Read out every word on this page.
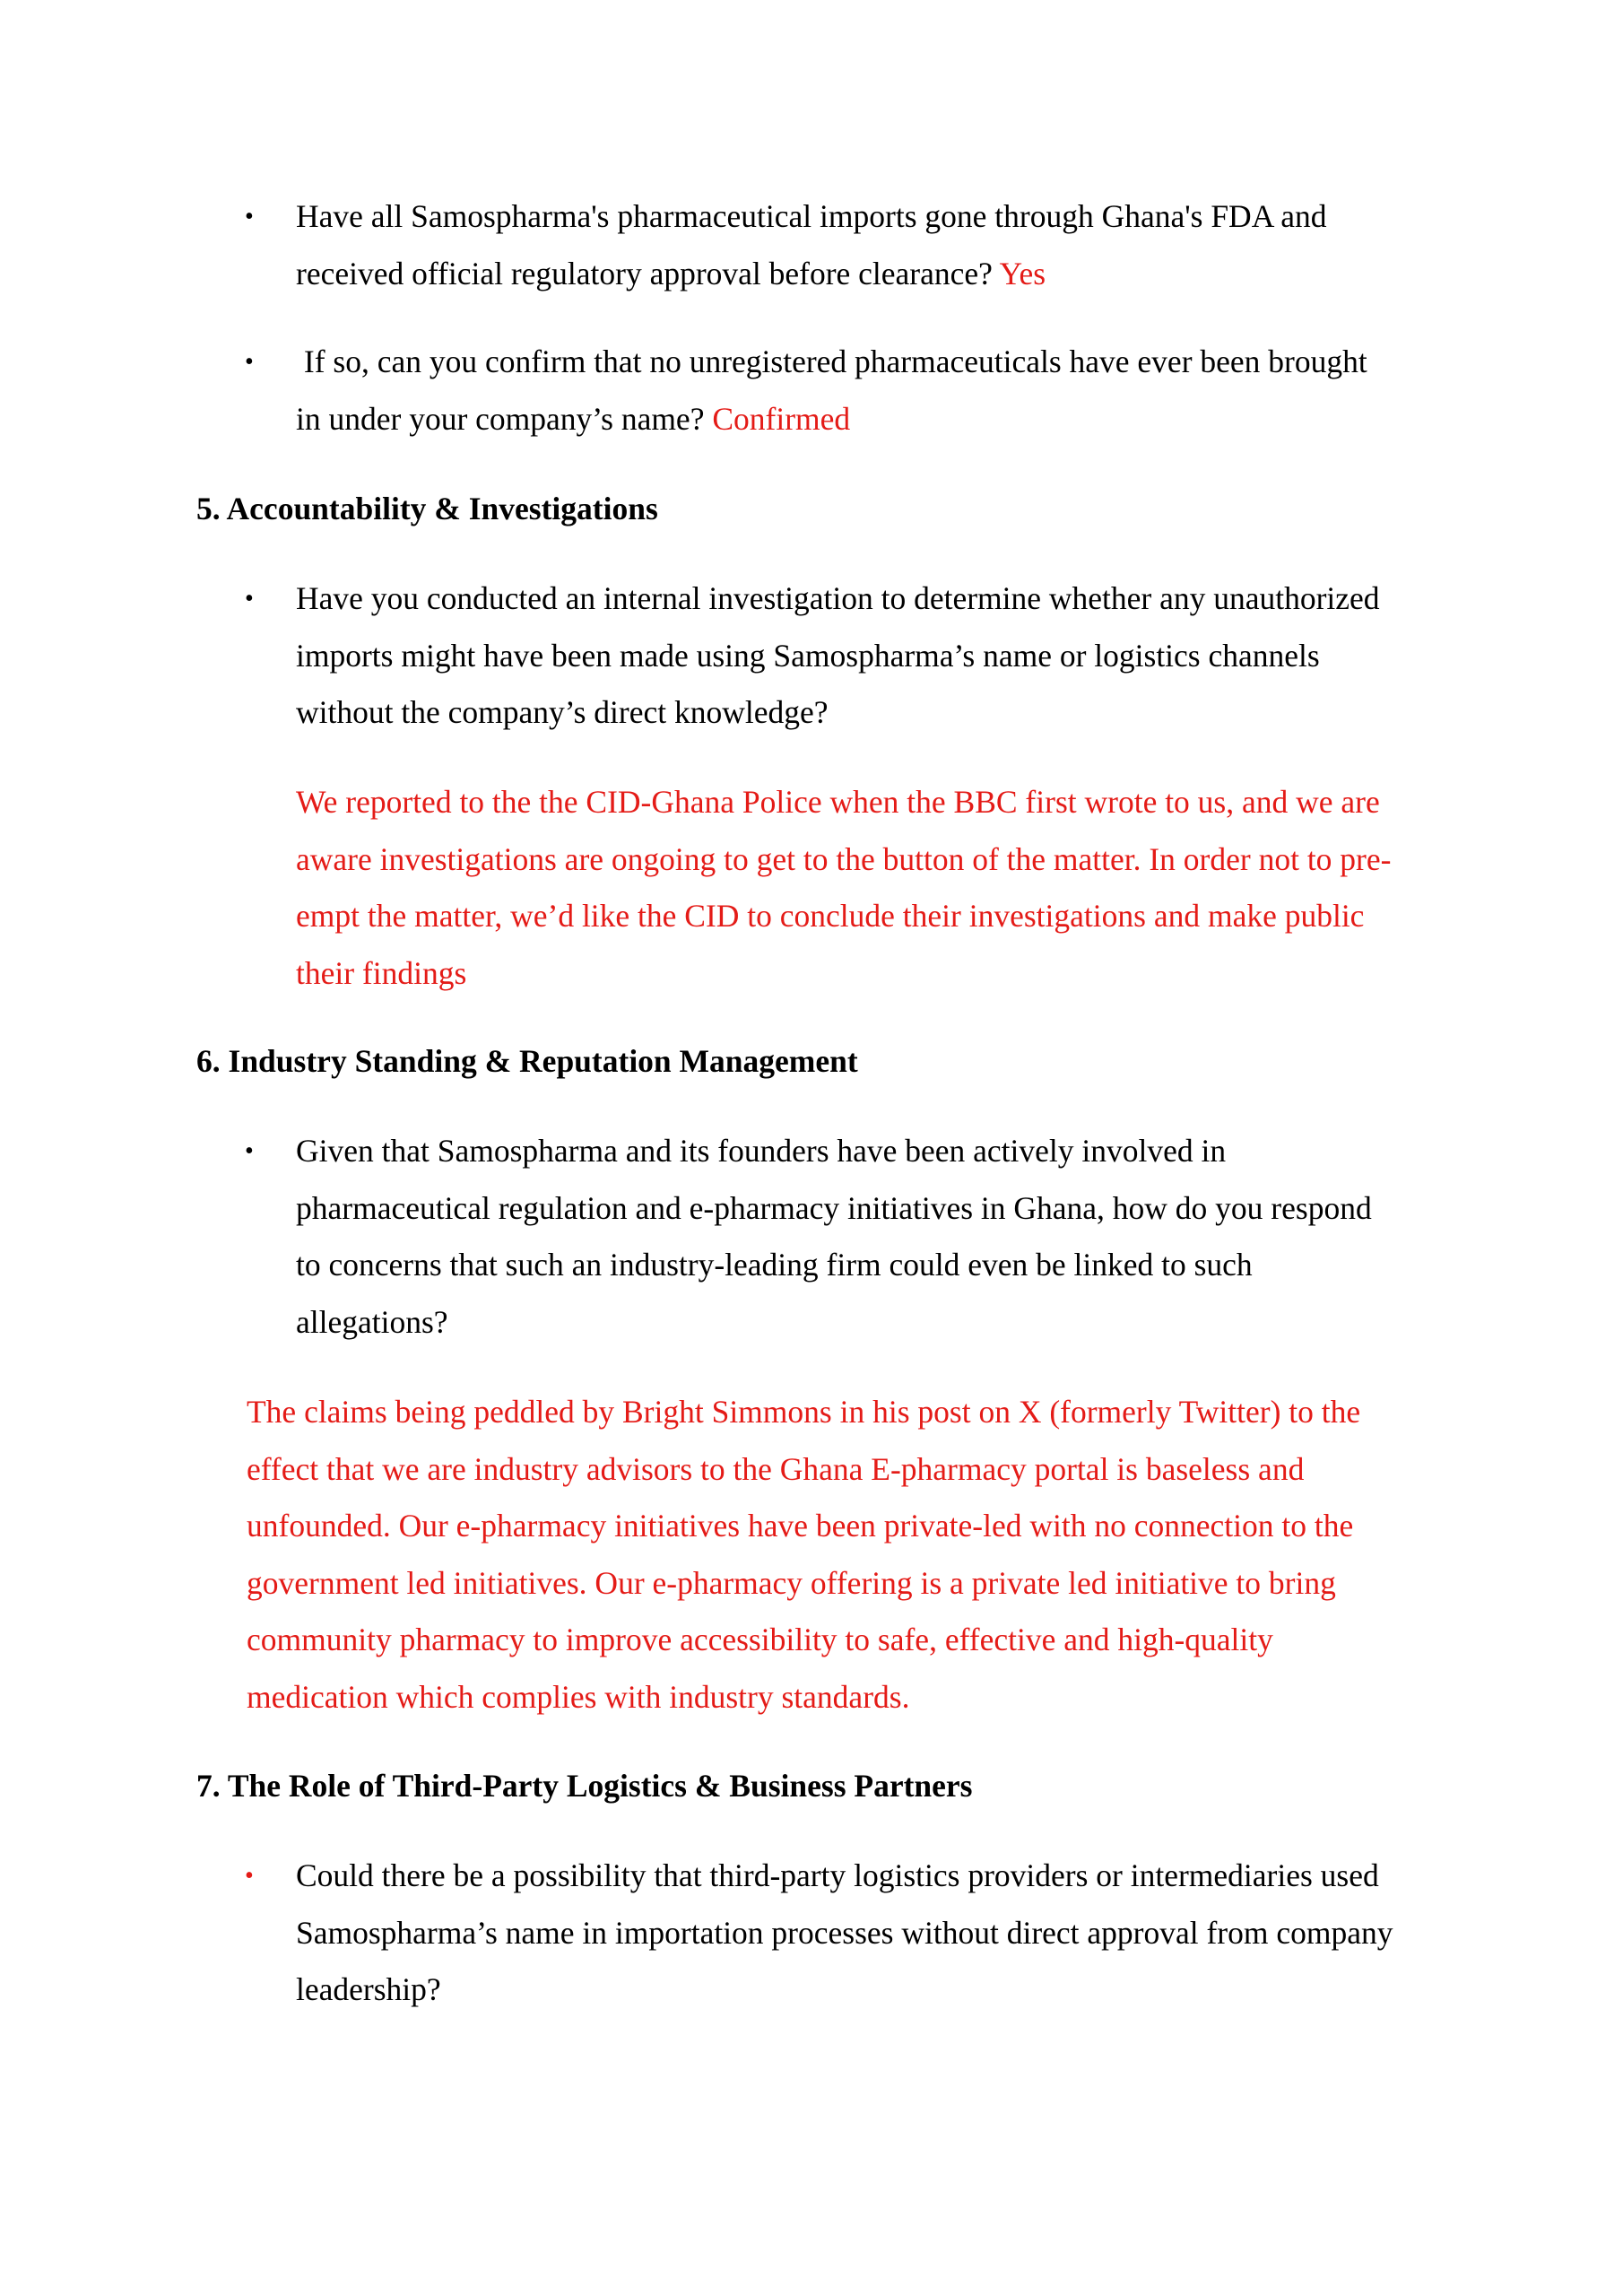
• Have all Samospharma's pharmaceutical imports gone through Ghana's FDA and
received official regulatory approval before clearance? Yes
• If so, can you confirm that no unregistered pharmaceuticals have ever been brought
in under your company’s name? Confirmed
5. Accountability & Investigations
• Have you conducted an internal investigation to determine whether any unauthorized
imports might have been made using Samospharma’s name or logistics channels
without the company’s direct knowledge?
We reported to the the CID-Ghana Police when the BBC first wrote to us, and we are
aware investigations are ongoing to get to the button of the matter. In order not to pre-
empt the matter, we’d like the CID to conclude their investigations and make public
their findings
6. Industry Standing & Reputation Management
• Given that Samospharma and its founders have been actively involved in
pharmaceutical regulation and e-pharmacy initiatives in Ghana, how do you respond
to concerns that such an industry-leading firm could even be linked to such
allegations?
The claims being peddled by Bright Simmons in his post on X (formerly Twitter) to the
effect that we are industry advisors to the Ghana E-pharmacy portal is baseless and
unfounded. Our e-pharmacy initiatives have been private-led with no connection to the
government led initiatives. Our e-pharmacy offering is a private led initiative to bring
community pharmacy to improve accessibility to safe, effective and high-quality
medication which complies with industry standards.
7. The Role of Third-Party Logistics & Business Partners
• Could there be a possibility that third-party logistics providers or intermediaries used
Samospharma’s name in importation processes without direct approval from company
leadership?
